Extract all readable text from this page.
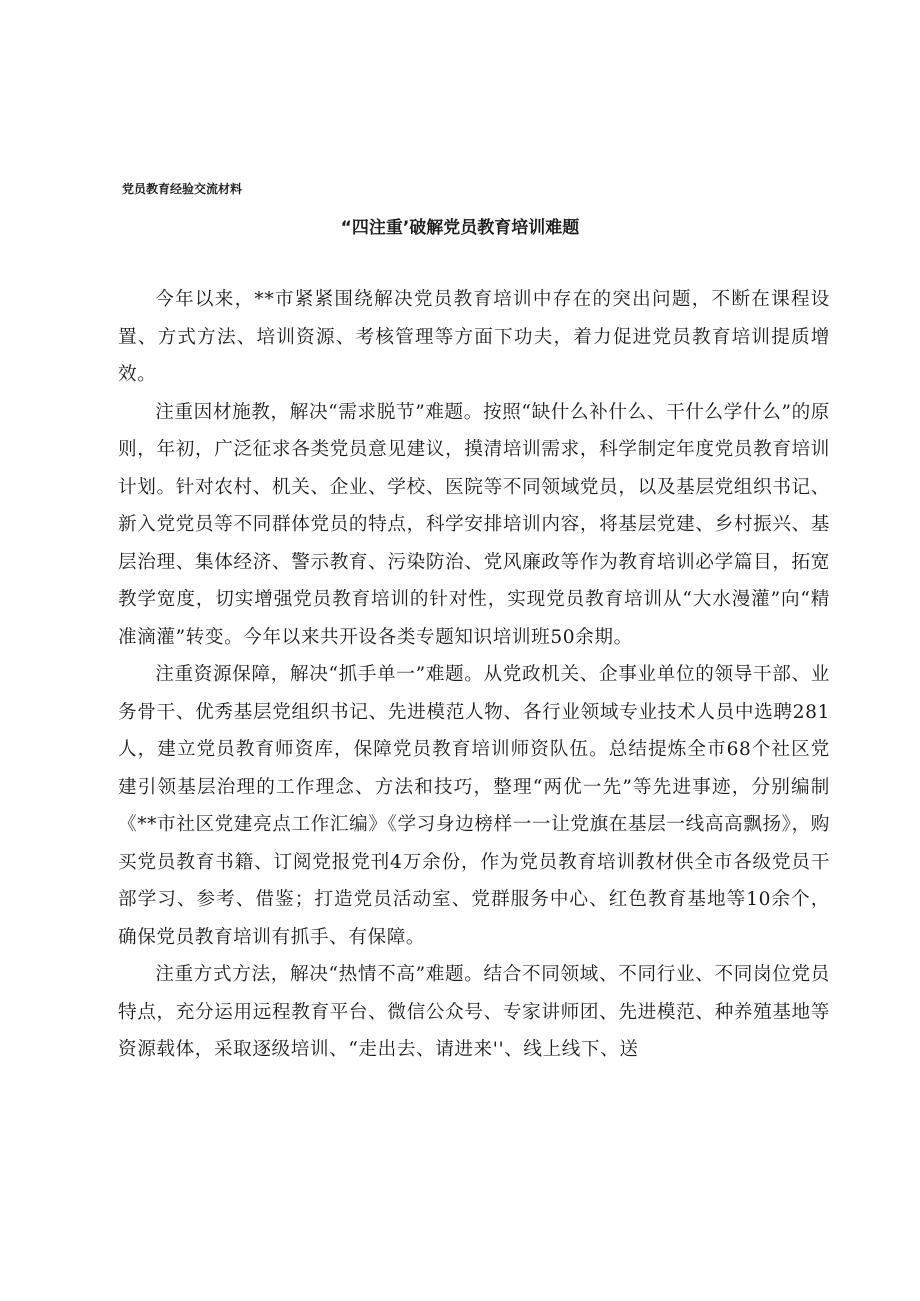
党员教育经验交流材料
“四注重’破解党员教育培训难题

今年以来，**市紧紧围绕解决党员教育培训中存在的突出问题，不断在课程设置、方式方法、培训资源、考核管理等方面下功夫，着力促进党员教育培训提质增效。

注重因材施教，解决“需求脱节”难题。按照“缺什么补什么、干什么学什么”的原则，年初，广泛征求各类党员意见建议，摸清培训需求，科学制定年度党员教育培训计划。针对农村、机关、企业、学校、医院等不同领域党员，以及基层党组织书记、新入党党员等不同群体党员的特点，科学安排培训内容，将基层党建、乡村振兴、基层治理、集体经济、警示教育、污染防治、党风廉政等作为教育培训必学篇目，拓宽教学宽度，切实增强党员教育培训的针对性，实现党员教育培训从“大水漫灌”向“精准滴灌”转变。今年以来共开设各类专题知识培训班50余期。

注重资源保障，解决“抓手单一”难题。从党政机关、企事业单位的领导干部、业务骨干、优秀基层党组织书记、先进模范人物、各行业领域专业技术人员中选聘281人，建立党员教育师资库，保障党员教育培训师资队伍。总结提炼全市68个社区党建引领基层治理的工作理念、方法和技巧，整理“两优一先”等先进事迹，分别编制《**市社区党建亮点工作汇编》《学习身边榜样一一让党旗在基层一线高高飘扬》，购买党员教育书籍、订阅党报党刊4万余份，作为党员教育培训教材供全市各级党员干部学习、参考、借鉴；打造党员活动室、党群服务中心、红色教育基地等10余个，确保党员教育培训有抓手、有保障。

注重方式方法，解决“热情不高”难题。结合不同领域、不同行业、不同岗位党员特点，充分运用远程教育平台、微信公众号、专家讲师团、先进模范、种养殖基地等资源载体，采取逐级培训、“走出去、请进来''、线上线下、送
